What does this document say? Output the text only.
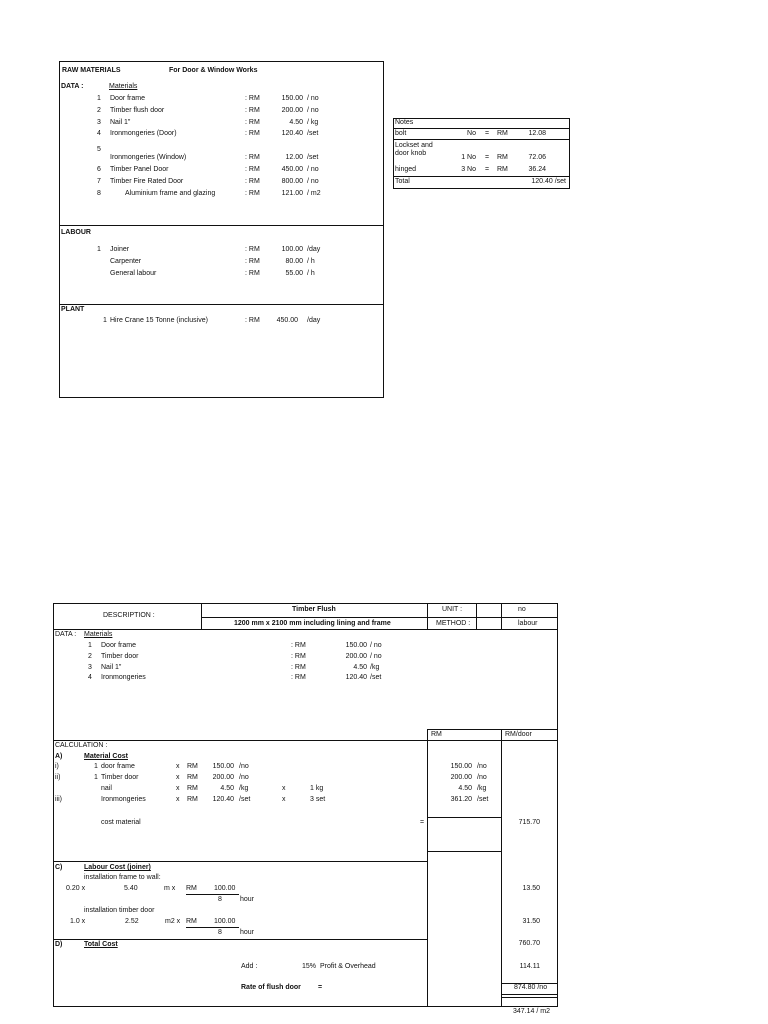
RAW MATERIALS	For Door & Window Works
DATA :	Materials
1 Door frame	: RM	150.00 / no
2 Timber flush door	: RM	200.00 / no
3 Nail 1"	: RM	4.50 / kg
4 Ironmongeries (Door)	: RM	120.40 /set
5
Ironmongeries (Window)	: RM	12.00 /set
6 Timber Panel Door	: RM	450.00 / no
7 Timber Fire Rated Door	: RM	800.00 / no
8	Aluminium frame and glazing	: RM	121.00 / m2
LABOUR
1 Joiner	: RM	100.00 /day
Carpenter	: RM	80.00 / h
General labour	: RM	55.00 / h
PLANT
1 Hire Crane 15 Tonne (inclusive)	: RM	450.00 /day
Notes
bolt	No = RM	12.08
Lockset and door knob
1 No = RM	72.06
hinged	3 No = RM	36.24
Total	120.40 /set
DESCRIPTION :
Timber Flush
1200 mm x 2100 mm including lining and frame
UNIT :	no
METHOD :	labour
DATA : Materials
1 Door frame	: RM	150.00 / no
2 Timber door	: RM	200.00 / no
3 Nail 1"	: RM	4.50 /kg
4 Ironmongeries	: RM	120.40 /set
RM	RM/door
CALCULATION :
A)	Material Cost
i)	1 door frame	x RM	150.00 /no	150.00 /no
ii)	1 Timber door	x RM	200.00 /no	200.00 /no
nail	x RM	4.50 /kg	x	1 kg	4.50 /kg
iii)	Ironmongeries	x RM	120.40 /set	x	3 set	361.20 /set
cost material	=	715.70
C)	Labour Cost (joiner)
installation frame to wall:
0.20 x	5.40	m x RM 100.00
8	hour
13.50
installation timber door
1.0 x	2.52	m2 x RM 100.00
8	hour
31.50
D)	Total Cost	760.70
Add :	15% Profit & Overhead	114.11
Rate of flush door =	874.80 /no
347.14 / m2
